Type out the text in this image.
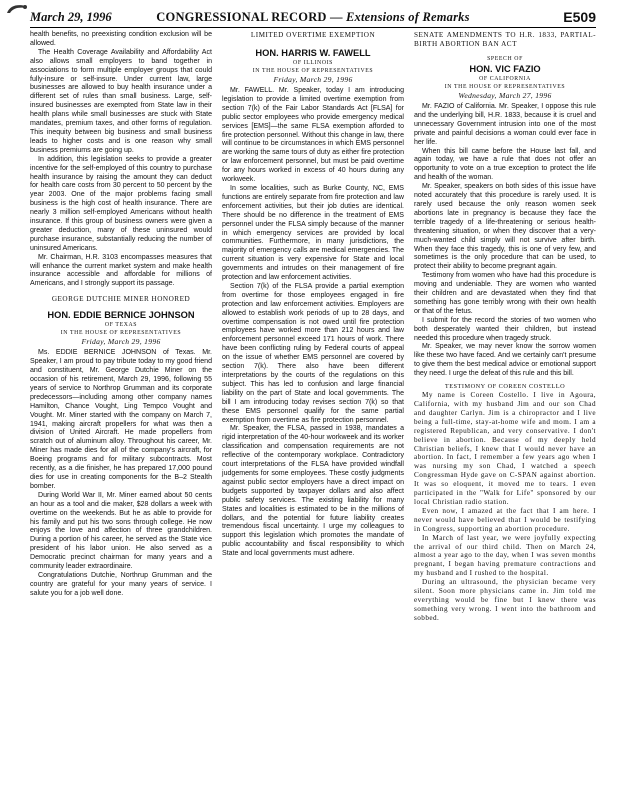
March 29, 1996	CONGRESSIONAL RECORD — Extensions of Remarks	E509

health benefits, no preexisting condition exclusion will be allowed.

The Health Coverage Availability and Affordability Act also allows small employers to band together in associations to form multiple employer groups that could fully-insure or self-insure. Under current law, large businesses are allowed to buy health insurance under a different set of rules than small business. Large, self-insured businesses are exempted from State law in their health plans while small businesses are stuck with State mandates, premium taxes, and other forms of regulation. This inequity between big business and small business leads to higher costs and is one reason why small business premiums are going up.

In addition, this legislation seeks to provide a greater incentive for the self-employed of this country to purchase health insurance by raising the amount they can deduct for health care costs from 30 percent to 50 percent by the year 2003. One of the major problems facing small business is the high cost of health insurance. There are nearly 3 million self-employed Americans without health insurance. If this group of business owners were given a greater deduction, many of these uninsured would purchase insurance, substantially reducing the number of uninsured Americans.

Mr. Chairman, H.R. 3103 encompasses measures that will enhance the current market system and make health insurance accessible and affordable for millions of Americans, and I strongly support its passage.

GEORGE DUTCHIE MINER HONORED

HON. EDDIE BERNICE JOHNSON

OF TEXAS

IN THE HOUSE OF REPRESENTATIVES

Friday, March 29, 1996

Ms. EDDIE BERNICE JOHNSON of Texas. Mr. Speaker, I am proud to pay tribute today to my good friend and constituent, Mr. George Dutchie Miner on the occasion of his retirement, March 29, 1996, following 55 years of service to Northrop Grumman and its corporate predecessors—including among other company names Hamilton, Chance Vought, Ling Tempco Vought and Vought. Mr. Miner started with the company on March 7, 1941, making aircraft propellers for what was then a division of United Aircraft. He made propellers from scratch out of aluminum alloy. Throughout his career, Mr. Miner has made dies for all of the company's aircraft, for Boeing programs and for military subcontracts. Most recently, as a die finisher, he has prepared 17,000 pound dies for use in creating components for the B–2 Stealth bomber.

During World War II, Mr. Miner earned about 50 cents an hour as a tool and die maker, $28 dollars a week with overtime on the weekends. But he as able to provide for his family and put his two sons through college. He now enjoys the love and affection of three grandchildren. During a portion of his career, he served as the State vice president of his labor union. He also served as a Democratic precinct chairman for many years and a community leader extraordinaire.

Congratulations Dutchie, Northrup Grumman and the country are grateful for your many years of service. I salute you for a job well done.

LIMITED OVERTIME EXEMPTION

HON. HARRIS W. FAWELL

OF ILLINOIS

IN THE HOUSE OF REPRESENTATIVES

Friday, March 29, 1996

Mr. FAWELL. Mr. Speaker, today I am introducing legislation to provide a limited overtime exemption from section 7(k) of the Fair Labor Standards Act [FLSA] for public sector employees who provide emergency medical services [EMS]—the same FLSA exemption afforded to fire protection personnel. Without this change in law, there will continue to be circumstances in which EMS personnel are working the same tours of duty as either fire protection or law enforcement personnel, but must be paid overtime for any hours worked in excess of 40 hours during any workweek.

In some localities, such as Burke County, NC, EMS functions are entirely separate from fire protection and law enforcement activities, but their job duties are identical. There should be no difference in the treatment of EMS personnel under the FLSA simply because of the manner in which emergency services are provided by local communities. Furthermore, in many jurisdictions, the majority of emergency calls are medical emergencies. The current situation is very expensive for State and local governments and intrudes on their management of fire protection and law enforcement activities.

Section 7(k) of the FLSA provide a partial exemption from overtime for those employees engaged in fire protection and law enforcement activities. Employers are allowed to establish work periods of up to 28 days, and overtime compensation is not owed until fire protection employees have worked more than 212 hours and law enforcement personnel exceed 171 hours of work. There have been conflicting ruling by Federal courts of appeal on the issue of whether EMS personnel are covered by section 7(k). There also have been different interpretations by the courts of the regulations on this subject. This has led to confusion and large financial liability on the part of State and local governments. The bill I am introducing today revises section 7(k) so that these EMS personnel qualify for the same partial exemption from overtime as fire protection personnel.

Mr. Speaker, the FLSA, passed in 1938, mandates a rigid interpretation of the 40-hour workweek and its worker classification and compensation requirements are not reflective of the contemporary workplace. Contradictory court interpretations of the FLSA have provided windfall judgements for some employees. These costly judgments against public sector employers have a direct impact on budgets supported by taxpayer dollars and also affect public safety services. The existing liability for many States and localities is estimated to be in the millions of dollars, and the potential for future liability creates tremendous fiscal uncertainty. I urge my colleagues to support this legislation which promotes the mandate of public accountability and fiscal responsibility to which State and local governments must adhere.

SENATE AMENDMENTS TO H.R. 1833, PARTIAL-BIRTH ABORTION BAN ACT

SPEECH OF

HON. VIC FAZIO

OF CALIFORNIA

IN THE HOUSE OF REPRESENTATIVES

Wednesday, March 27, 1996

Mr. FAZIO of California. Mr. Speaker, I oppose this rule and the underlying bill, H.R. 1833, because it is cruel and unnecessary Government intrusion into one of the most private and painful decisions a woman could ever face in her life.

When this bill came before the House last fall, and again today, we have a rule that does not offer an opportunity to vote on a true exception to protect the life and health of the woman.

Mr. Speaker, speakers on both sides of this issue have noted accurately that this procedure is rarely used. It is rarely used because the only reason women seek abortions late in pregnancy is because they face the terrible tragedy of a life-threatening or serious health-threatening situation, or when they discover that a very-much-wanted child simply will not survive after birth. When they face this tragedy, this is one of very few, and sometimes is the only procedure that can be used, to protect their ability to become pregnant again.

Testimony from women who have had this procedure is moving and undeniable. They are women who wanted their children and are devastated when they find that something has gone terribly wrong with their own health or that of the fetus.

I submit for the record the stories of two women who both desperately wanted their children, but instead needed this procedure when tragedy struck.

Mr. Speaker, we may never know the sorrow women like these two have faced. And we certainly can't presume to give them the best medical advice or emotional support they need. I urge the defeat of this rule and this bill.

TESTIMONY OF COREEN COSTELLO

My name is Coreen Costello. I live in Agoura, California, with my husband Jim and our son Chad and daughter Carlyn. Jim is a chiropractor and I live being a full-time, stay-at-home wife and mom. I am a registered Republican, and very conservative. I don't believe in abortion. Because of my deeply held Christian beliefs, I knew that I would never have an abortion. In fact, I remember a few years ago when I was nursing my son Chad, I watched a speech Congressman Hyde gave on C-SPAN against abortion. It was so eloquent, it moved me to tears. I even participated in the "Walk for Life" sponsored by our local Christian radio station.

Even now, I amazed at the fact that I am here. I never would have believed that I would be testifying in Congress, supporting an abortion procedure.

In March of last year, we were joyfully expecting the arrival of our third child. Then on March 24, almost a year ago to the day, when I was seven months pregnant, I began having premature contractions and my husband and I rushed to the hospital.

During an ultrasound, the physician became very silent. Soon more physicians came in. Jim told me everything would be fine but I knew there was something very wrong. I went into the bathroom and sobbed.
